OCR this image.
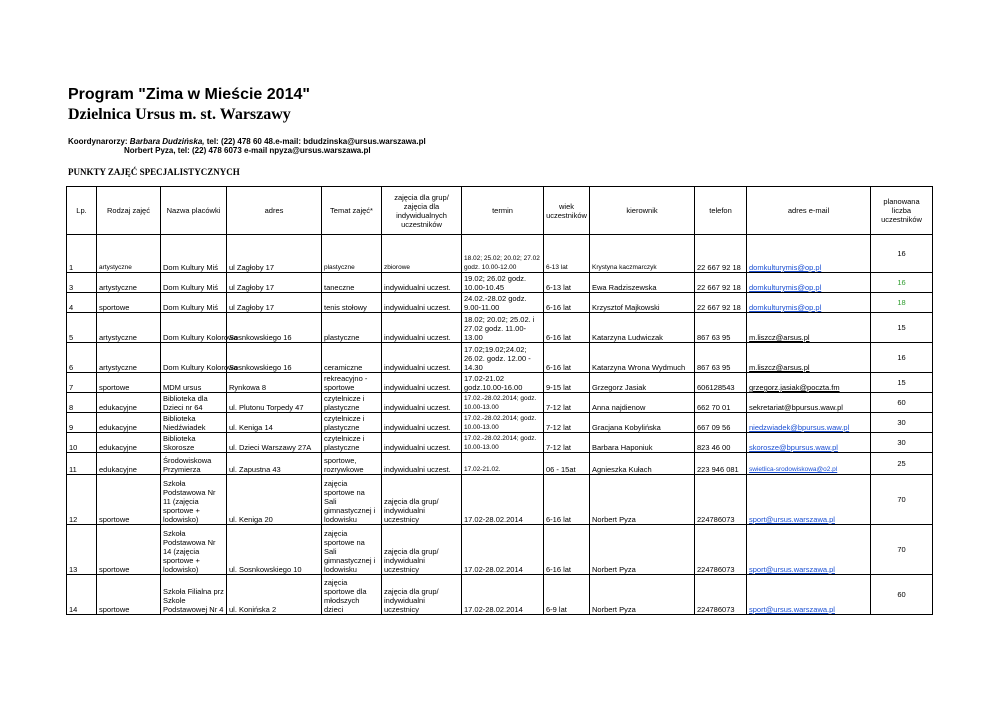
Program "Zima w Mieście 2014"
Dzielnica Ursus m. st. Warszawy
Koordynarorzy: Barbara Dudzińska, tel: (22) 478 60 48.e-mail: bdudzinska@ursus.warszawa.pl
Norbert Pyza, tel: (22) 478 6073 e-mail npyza@ursus.warszawa.pl
PUNKTY ZAJĘĆ SPECJALISTYCZNYCH
Lp.	Rodzaj zajęć	Nazwa placówki	adres	Temat zajęć*	zajęcia dla grup/ zajęcia dla indywidualnych uczestników	termin	wiek uczestników	kierownik	telefon	adres e-mail	planowana liczba uczestników
1	artystyczne	Dom Kultury Miś	ul Zagłoby 17	plastyczne	zbiorowe	18.02; 25.02; 20.02; 27.02 godz. 10.00-12.00	6-13 lat	Krystyna kaczmarczyk	22 667 92 18	domkulturymis@op.pl	16
3	artystyczne	Dom Kultury Miś	ul Zagłoby 17	taneczne	indywidualni uczest.	19.02; 26.02 godz. 10.00-10.45	6-13 lat	Ewa Radziszewska	22 667 92 18	domkulturymis@op.pl	16
4	sportowe	Dom Kultury Miś	ul Zagłoby 17	tenis stołowy	indywidualni uczest.	24.02.-28.02 godz. 9.00-11.00	6-16 lat	Krzysztof Majkowski	22 667 92 18	domkulturymis@op.pl	18
5	artystyczne	Dom Kultury Kolorowa	Sosnkowskiego 16	plastyczne	indywidualni uczest.	18.02; 20.02; 25.02. i 27.02 godz. 11.00-13.00	6-16 lat	Katarzyna Ludwiczak	867 63 95	m.liszcz@arsus.pl	15
6	artystyczne	Dom Kultury Kolorowa	Sosnkowskiego 16	ceramiczne	indywidualni uczest.	17.02;19.02;24.02; 26.02. godz. 12.00 - 14.30	6-16 lat	Katarzyna Wrona Wydmuch	867 63 95	m.liszcz@arsus.pl	16
7	sportowe	MDM ursus	Rynkowa 8	rekreacyjno - sportowe	indywidualni uczest.	17.02-21.02 godz.10.00-16.00	9-15 lat	Grzegorz Jasiak	606128543	grzegorz.jasiak@poczta.fm	15
8	edukacyjne	Biblioteka dla Dzieci nr 64	ul. Plutonu Torpedy 47	czytelnicze i plastyczne	indywidualni uczest.	17.02.-28.02.2014; godz. 10.00-13.00	7-12 lat	Anna najdienow	662 70 01	sekretariat@bpursus.waw.pl	60
9	edukacyjne	Biblioteka Niedźwiadek	ul. Keniga 14	czytelnicze i plastyczne	indywidualni uczest.	17.02.-28.02.2014; godz. 10.00-13.00	7-12 lat	Gracjana Kobylińska	667 09 56	niedzwiadek@bpursus.waw.pl	30
10	edukacyjne	Biblioteka Skorosze	ul. Dzieci Warszawy 27A	czytelnicze i plastyczne	indywidualni uczest.	17.02.-28.02.2014; godz. 10.00-13.00	7-12 lat	Barbara Haponiuk	823 46 00	skorosze@bpursus.waw.pl	30
11	edukacyjne	Środowiskowa Przymierza	ul. Zapustna 43	sportowe, rozrywkowe	indywidualni uczest.	17.02-21.02.	06 - 15at	Agnieszka Kułach	223 946 081	swietlica-srodowiskowa@o2.pl	25
12	sportowe	Szkoła Podstawowa Nr 11 (zajęcia sportowe + lodowisko)	ul. Keniga 20	zajęcia sportowe na Sali gimnastycznej i lodowisku	zajęcia dla grup/ indywidualni uczestnicy	17.02-28.02.2014	6-16 lat	Norbert Pyza	224786073	sport@ursus.warszawa.pl	70
13	sportowe	Szkoła Podstawowa Nr 14 (zajęcia sportowe + lodowisko)	ul. Sosnkowskiego 10	zajęcia sportowe na Sali gimnastycznej i lodowisku	zajęcia dla grup/ indywidualni uczestnicy	17.02-28.02.2014	6-16 lat	Norbert Pyza	224786073	sport@ursus.warszawa.pl	70
14	sportowe	Szkoła Filialna prz Szkole Podstawowej Nr 4	ul. Konińska 2	zajęcia sportowe dla młodszych dzieci	zajęcia dla grup/ indywidualni uczestnicy	17.02-28.02.2014	6-9 lat	Norbert Pyza	224786073	sport@ursus.warszawa.pl	60
